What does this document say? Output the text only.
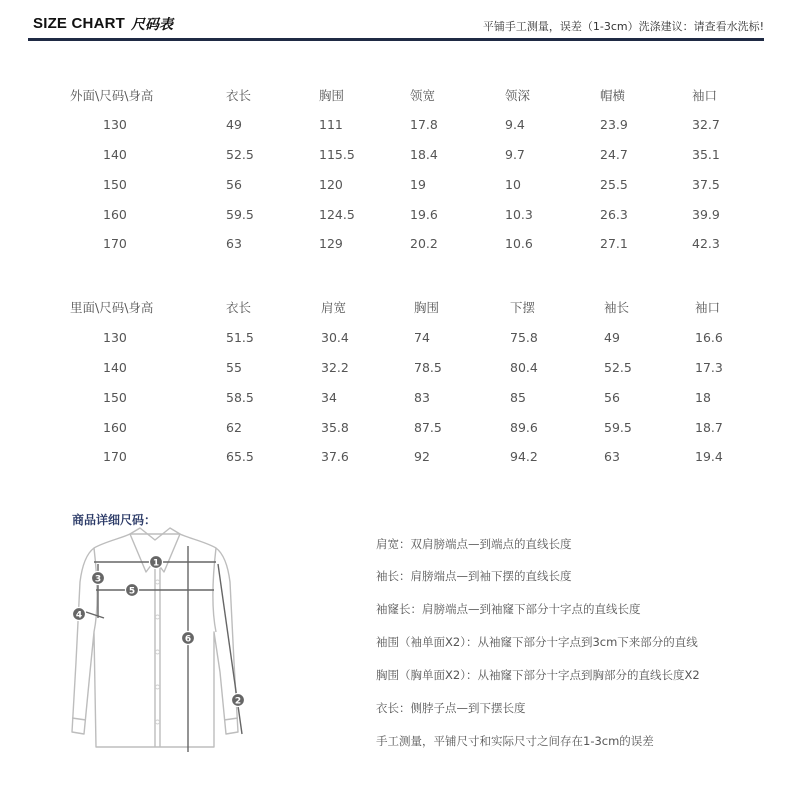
SIZE CHART 尺码表	平铺手工测量，误差（1-3cm）洗涤建议：请查看水洗标!
外面\尺码\身高	衣长	胸围	领宽	领深	帽横	袖口
130	49	111	17.8	9.4	23.9	32.7
140	52.5	115.5	18.4	9.7	24.7	35.1
150	56	120	19	10	25.5	37.5
160	59.5	124.5	19.6	10.3	26.3	39.9
170	63	129	20.2	10.6	27.1	42.3
里面\尺码\身高	衣长	肩宽	胸围	下摆	袖长	袖口
130	51.5	30.4	74	75.8	49	16.6
140	55	32.2	78.5	80.4	52.5	17.3
150	58.5	34	83	85	56	18
160	62	35.8	87.5	89.6	59.5	18.7
170	65.5	37.6	92	94.2	63	19.4
商品详细尺码：
1
2
3
4
5
6
肩宽：双肩膀端点—到端点的直线长度
袖长：肩膀端点—到袖下摆的直线长度
袖窿长：肩膀端点—到袖窿下部分十字点的直线长度
袖围（袖单面X2）：从袖窿下部分十字点到3cm下来部分的直线
胸围（胸单面X2）：从袖窿下部分十字点到胸部分的直线长度X2
衣长：侧脖子点—到下摆长度
手工测量，平铺尺寸和实际尺寸之间存在1-3cm的误差
